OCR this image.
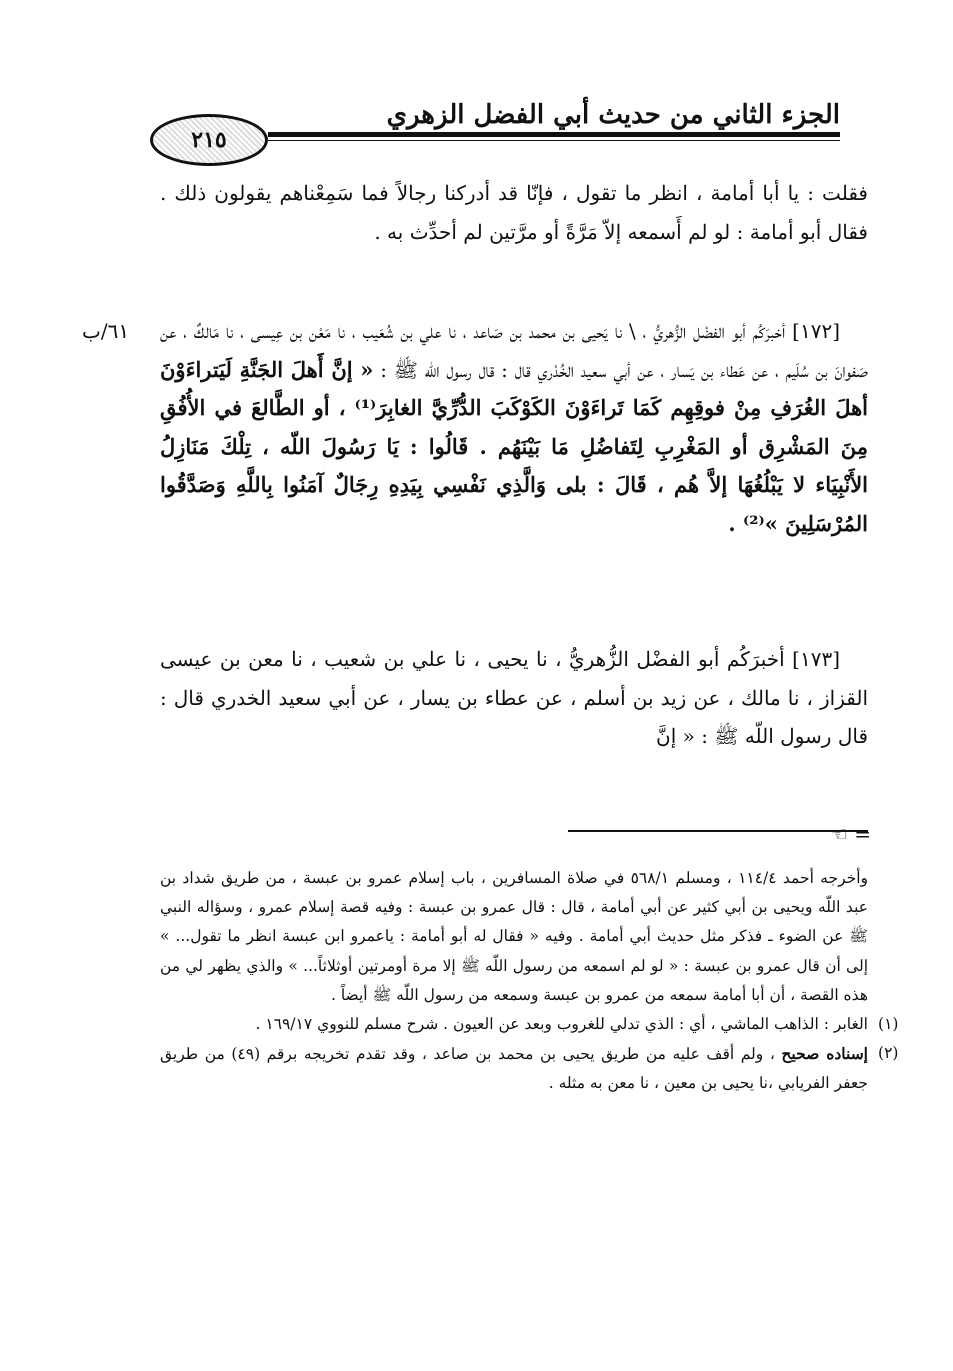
الجزء الثاني من حديث أبي الفضل الزهري
٢١٥

فقلت : يا أبا أمامة ، انظر ما تقول ، فإنّا قد أدركنا رجالاً فما سَمِعْناهم يقولون ذلك . فقال أبو أمامة : لو لم أَسمعه إلاّ مَرَّةً أو مرَّتين لم أحدِّث به .

٦١/ب [١٧٢] أخبرَكُم أبو الفضْل الزُّهريُّ ، \ نا يَحيى بن محمد بن صَاعد ، نا علي بن شُعَيب ، نا مَعْن بن عِيسى ، نا مَالكٌ ، عن صَفوانَ بن سُلَيم ، عن عَطاء بن يَسار ، عن أبي سعيد الخُدْري قال : قال رسول اللّه ﷺ : « إنَّ أَهلَ الجَنَّةِ لَيَتراءَوْنَ أهلَ الغُرَفِ مِنْ فوقِهِم كَمَا تَراءَوْنَ الكَوْكَبَ الدُّرِّيَّ الغابِرَ⁽¹⁾ ، أو الطَّالعَ في الأُفُقِ مِنَ المَشْرِق أو المَغْرِبِ لِتَفاضُلِ مَا بَيْنَهُم . قَالُوا : يَا رَسُولَ اللّه ، تِلْكَ مَنَازِلُ الأَنْبِيَاء لا يَبْلُغُهَا إلاَّ هُم ، قَالَ : بلى وَالَّذِي نَفْسِي بِيَدِهِ رِجَالٌ آمَنُوا بِاللَّهِ وَصَدَّقُوا المُرْسَلِينَ »⁽²⁾ .

[١٧٣] أخبرَكُم أبو الفضْل الزُّهريُّ ، نا يحيى ، نا علي بن شعيب ، نا معن بن عيسى القزاز ، نا مالك ، عن زيد بن أسلم ، عن عطاء بن يسار ، عن أبي سعيد الخدري قال : قال رسول اللّه ﷺ : « إنَّ

= ☜

وأخرجه أحمد ١١٤/٤ ، ومسلم ٥٦٨/١ في صلاة المسافرين ، باب إسلام عمرو بن عبسة ، من طريق شداد بن عبد اللّه ويحيى بن أبي كثير عن أبي أمامة ، قال : قال عمرو بن عبسة : وفيه قصة إسلام عمرو ، وسؤاله النبي ﷺ عن الضوء ـ فذكر مثل حديث أبي أمامة . وفيه « فقال له أبو أمامة : ياعمرو ابن عبسة انظر ما تقول... » إلى أن قال عمرو بن عبسة : « لو لم اسمعه من رسول اللّه ﷺ إلا مرة أومرتين أوثلاثاً... » والذي يظهر لي من هذه القصة ، أن أبا أمامة سمعه من عمرو بن عبسة وسمعه من رسول اللّه ﷺ أيضاً .

(١)

الغابر : الذاهب الماشي ، أي : الذي تدلي للغروب وبعد عن العيون . شرح مسلم للنووي ١٦٩/١٧ .

(٢)

إسناده صحيح ، ولم أقف عليه من طريق يحيى بن محمد بن صاعد ، وقد تقدم تخريجه برقم (٤٩) من طريق جعفر الفريابي ،نا يحيى بن معين ، نا معن به مثله .
